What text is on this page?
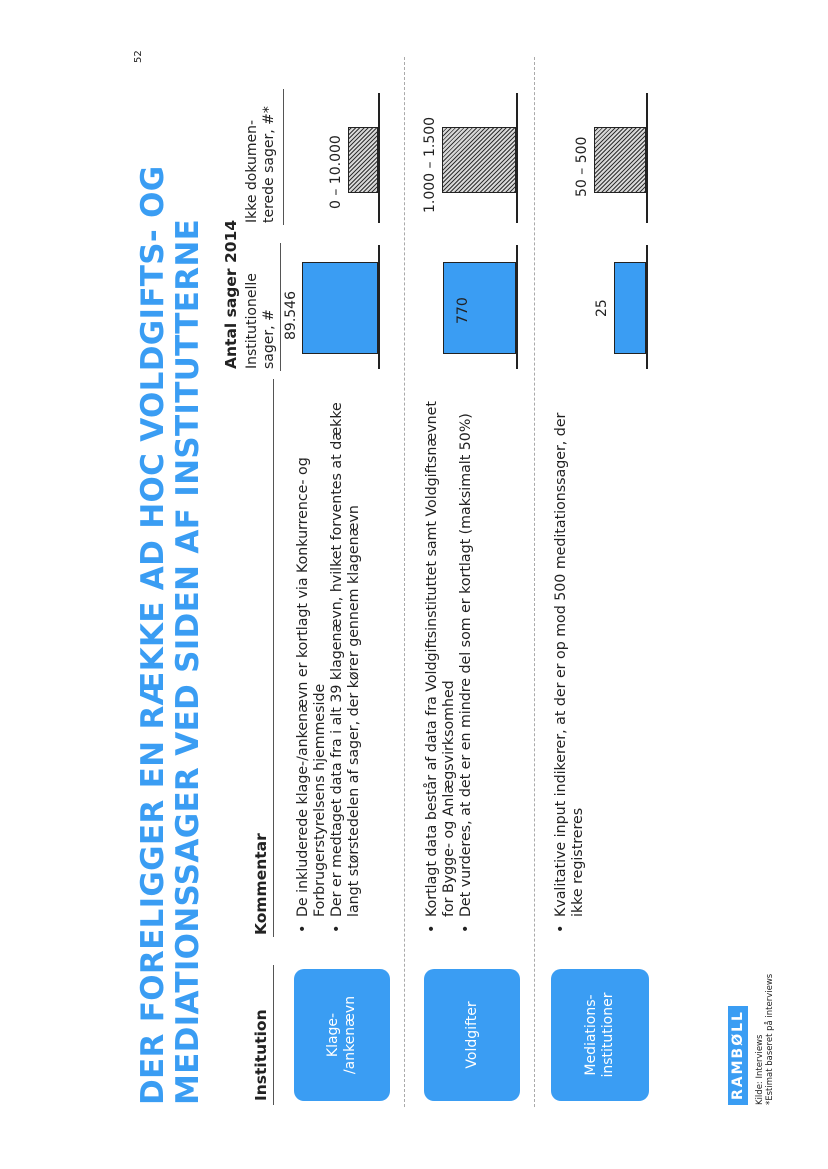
DER FORELIGGER EN RÆKKE AD HOC VOLDGIFTS- OG MEDIATIONSSAGER VED SIDEN AF INSTITUTTERNE
52
Institution
Kommentar
Antal sager 2014 Institutionelle
sager, #
Ikke dokumen-
terede sager, #*
Klage-
/ankenævn
• De inkluderede klage-/ankenævn er kortlagt via Konkurrence- og Forbrugerstyrelsens hjemmeside • Der er medtaget data fra i alt 39 klagenævn, hvilket forventes at dække langt størstedelen af sager, der kører gennem klagenævn
89.546
0 – 10.000
Voldgifter
• Kortlagt data består af data fra Voldgiftsinstituttet samt Voldgiftsnævnet for Bygge- og Anlægsvirksomhed • Det vurderes, at det er en mindre del som er kortlagt (maksimalt 50%)
770
1.000 – 1.500
Mediations-
institutioner
• Kvalitative input indikerer, at der er op mod 500 meditationssager, der ikke registreres
25
50 – 500
RAMBØLL Kilde: Interviews *Estimat baseret på interviews
